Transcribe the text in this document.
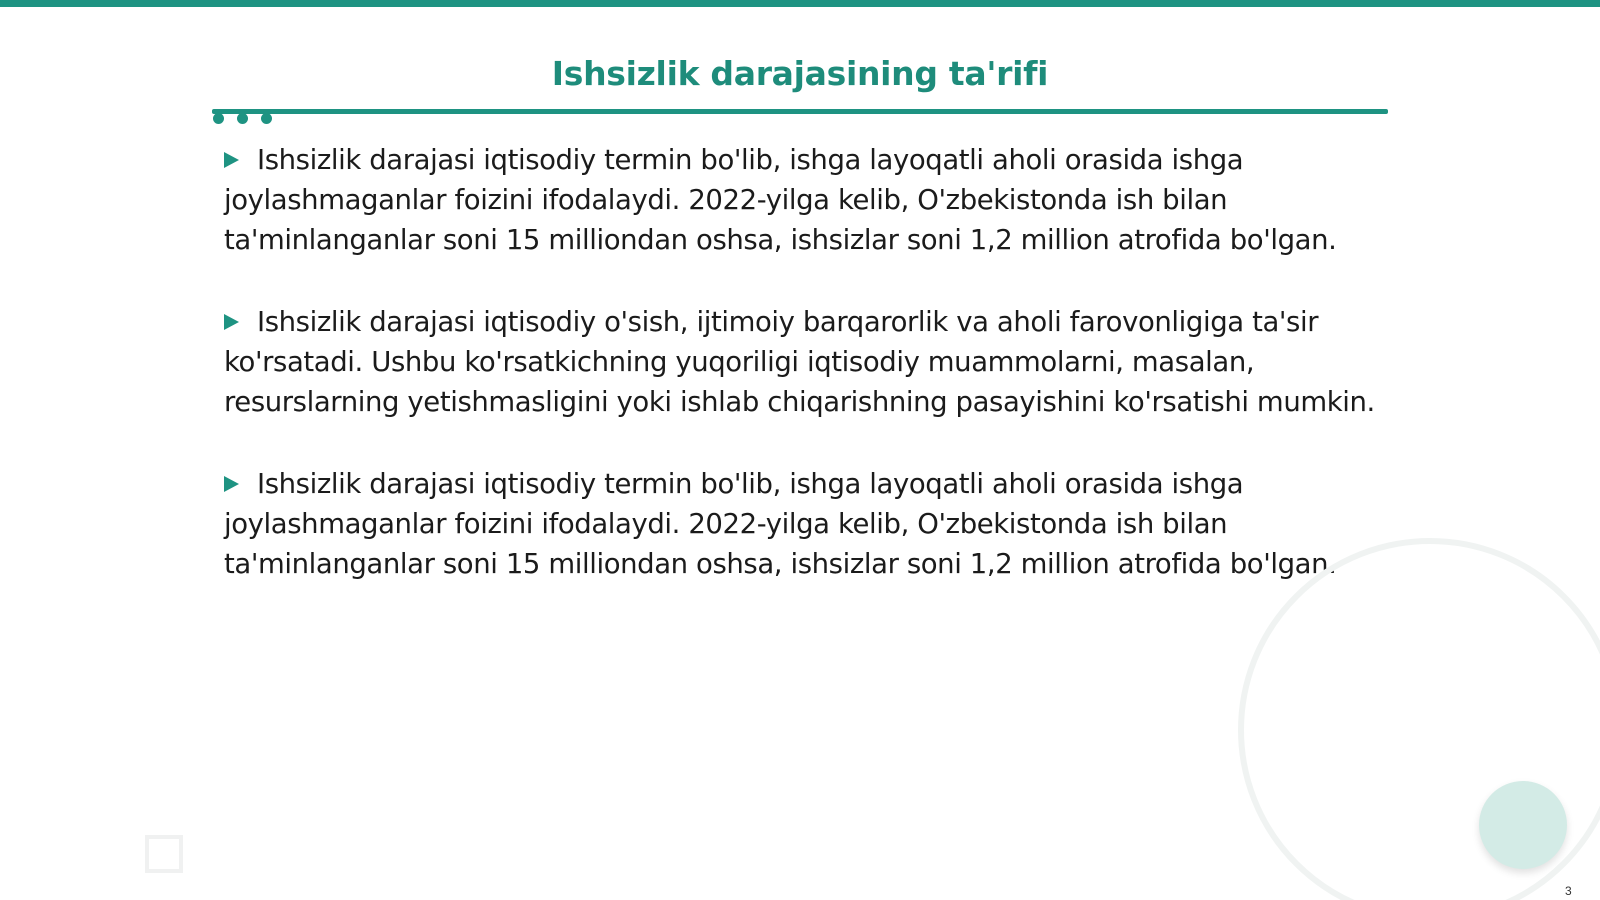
Ishsizlik darajasining ta'rifi

Ishsizlik darajasi iqtisodiy termin bo'lib, ishga layoqatli aholi orasida ishga joylashmaganlar foizini ifodalaydi. 2022-yilga kelib, O'zbekistonda ish bilan ta'minlanganlar soni 15 milliondan oshsa, ishsizlar soni 1,2 million atrofida bo'lgan.

Ishsizlik darajasi iqtisodiy o'sish, ijtimoiy barqarorlik va aholi farovonligiga ta'sir ko'rsatadi. Ushbu ko'rsatkichning yuqoriligi iqtisodiy muammolarni, masalan, resurslarning yetishmasligini yoki ishlab chiqarishning pasayishini ko'rsatishi mumkin.

Ishsizlik darajasi iqtisodiy termin bo'lib, ishga layoqatli aholi orasida ishga joylashmaganlar foizini ifodalaydi. 2022-yilga kelib, O'zbekistonda ish bilan ta'minlanganlar soni 15 milliondan oshsa, ishsizlar soni 1,2 million atrofida bo'lgan.

3
